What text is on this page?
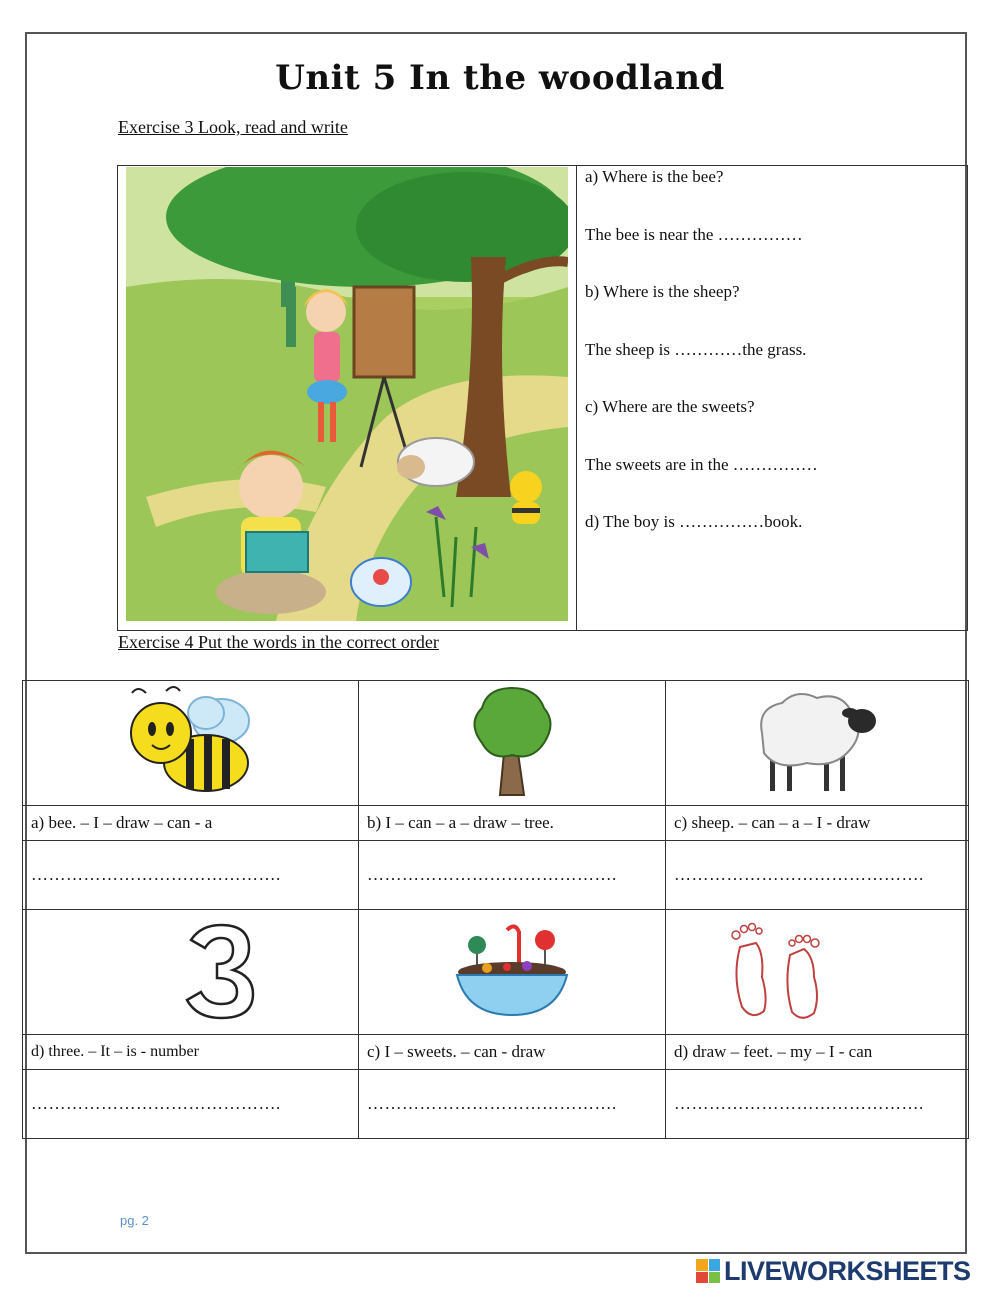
Unit 5 In the woodland
Exercise 3 Look, read and write
a) Where is the bee?
The bee is near the ……………
b) Where is the sheep?
The sheep is …………the grass.
c) Where are the sweets?
The sweets are in the ……………
d) The boy is ……………book.
Exercise 4 Put the words in the correct order

a) bee. – I – draw – can - a	b) I – can – a – draw – tree.	c) sheep. – can – a – I - draw
…………………………………….	…………………………………….	…………………………………….

d) three. – It – is - number	c) I – sweets. – can - draw	d) draw – feet. – my – I - can
…………………………………….	…………………………………….	…………………………………….
pg. 2
LIVEWORKSHEETS
